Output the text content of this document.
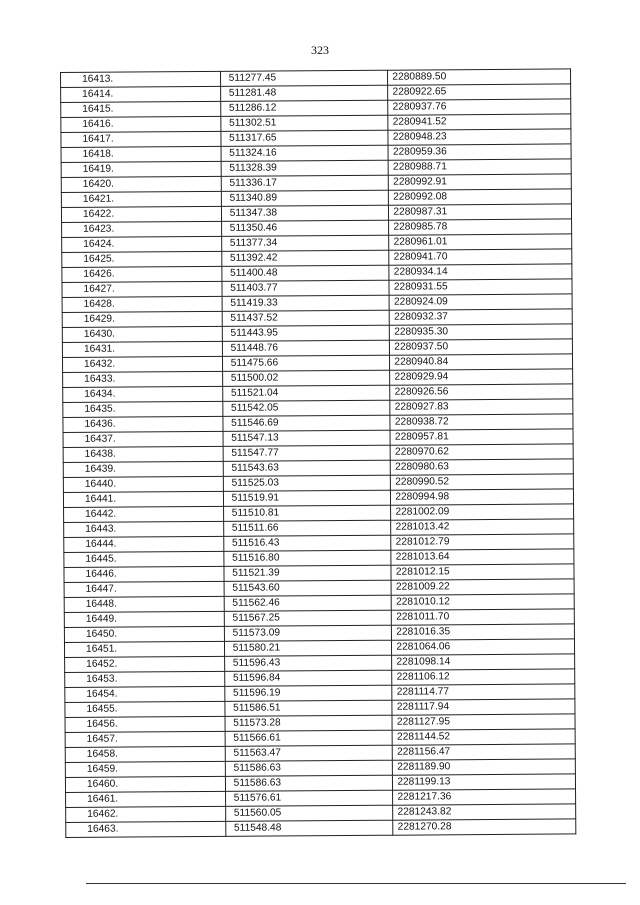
323
16413.	511277.45	2280889.50
16414.	511281.48	2280922.65
16415.	511286.12	2280937.76
16416.	511302.51	2280941.52
16417.	511317.65	2280948.23
16418.	511324.16	2280959.36
16419.	511328.39	2280988.71
16420.	511336.17	2280992.91
16421.	511340.89	2280992.08
16422.	511347.38	2280987.31
16423.	511350.46	2280985.78
16424.	511377.34	2280961.01
16425.	511392.42	2280941.70
16426.	511400.48	2280934.14
16427.	511403.77	2280931.55
16428.	511419.33	2280924.09
16429.	511437.52	2280932.37
16430.	511443.95	2280935.30
16431.	511448.76	2280937.50
16432.	511475.66	2280940.84
16433.	511500.02	2280929.94
16434.	511521.04	2280926.56
16435.	511542.05	2280927.83
16436.	511546.69	2280938.72
16437.	511547.13	2280957.81
16438.	511547.77	2280970.62
16439.	511543.63	2280980.63
16440.	511525.03	2280990.52
16441.	511519.91	2280994.98
16442.	511510.81	2281002.09
16443.	511511.66	2281013.42
16444.	511516.43	2281012.79
16445.	511516.80	2281013.64
16446.	511521.39	2281012.15
16447.	511543.60	2281009.22
16448.	511562.46	2281010.12
16449.	511567.25	2281011.70
16450.	511573.09	2281016.35
16451.	511580.21	2281064.06
16452.	511596.43	2281098.14
16453.	511596.84	2281106.12
16454.	511596.19	2281114.77
16455.	511586.51	2281117.94
16456.	511573.28	2281127.95
16457.	511566.61	2281144.52
16458.	511563.47	2281156.47
16459.	511586.63	2281189.90
16460.	511586.63	2281199.13
16461.	511576.61	2281217.36
16462.	511560.05	2281243.82
16463.	511548.48	2281270.28
